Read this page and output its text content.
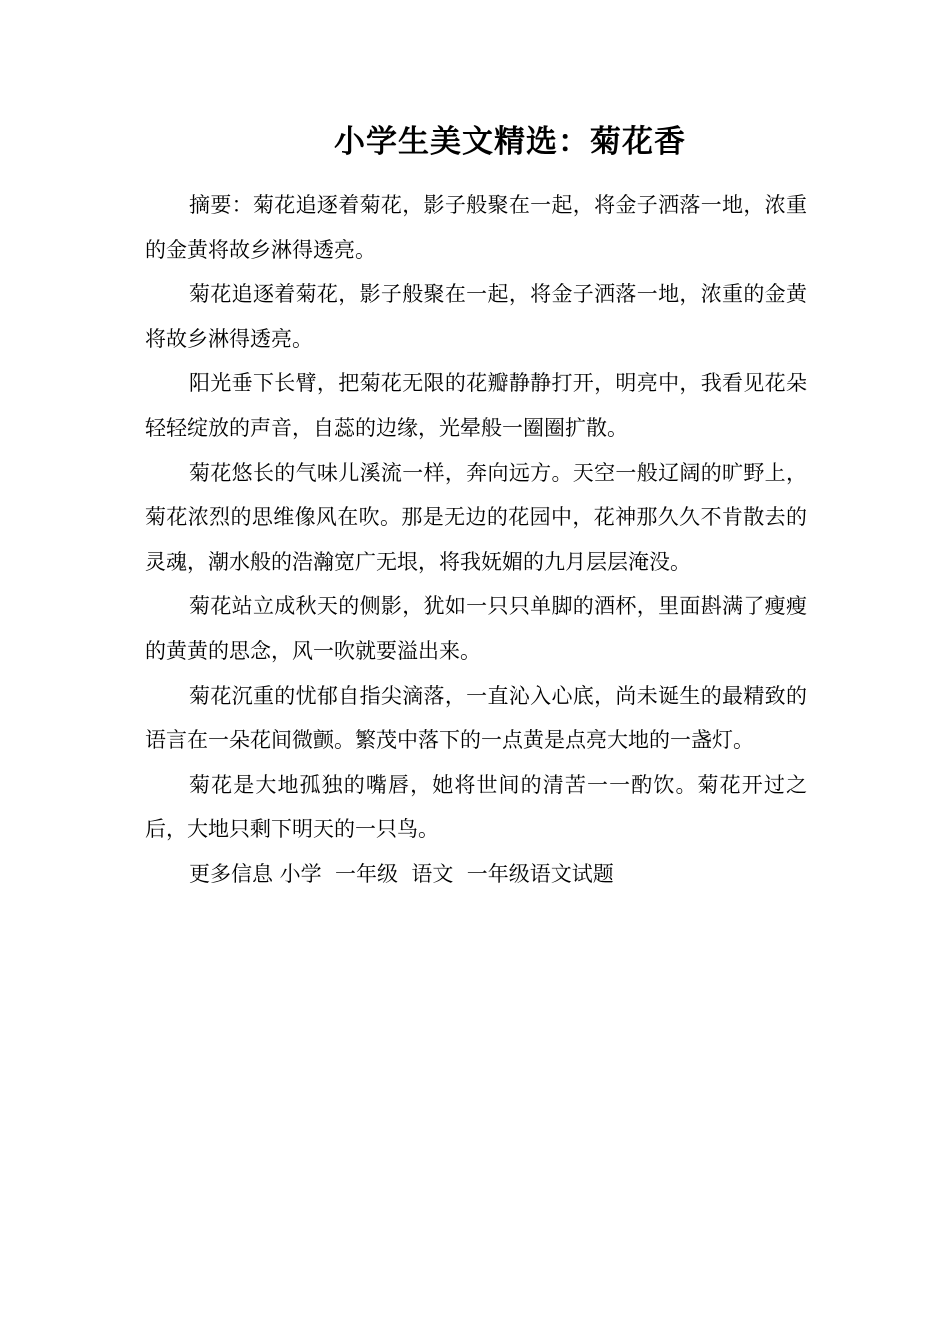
小学生美文精选：菊花香

摘要：菊花追逐着菊花，影子般聚在一起，将金子洒落一地，浓重的金黄将故乡淋得透亮。

菊花追逐着菊花，影子般聚在一起，将金子洒落一地，浓重的金黄将故乡淋得透亮。

阳光垂下长臂，把菊花无限的花瓣静静打开，明亮中，我看见花朵轻轻绽放的声音，自蕊的边缘，光晕般一圈圈扩散。

菊花悠长的气味儿溪流一样，奔向远方。天空一般辽阔的旷野上，菊花浓烈的思维像风在吹。那是无边的花园中，花神那久久不肯散去的灵魂，潮水般的浩瀚宽广无垠，将我妩媚的九月层层淹没。

菊花站立成秋天的侧影，犹如一只只单脚的酒杯，里面斟满了瘦瘦的黄黄的思念，风一吹就要溢出来。

菊花沉重的忧郁自指尖滴落，一直沁入心底，尚未诞生的最精致的语言在一朵花间微颤。繁茂中落下的一点黄是点亮大地的一盏灯。

菊花是大地孤独的嘴唇，她将世间的清苦一一酌饮。菊花开过之后，大地只剩下明天的一只鸟。

更多信息 小学  一年级  语文  一年级语文试题
